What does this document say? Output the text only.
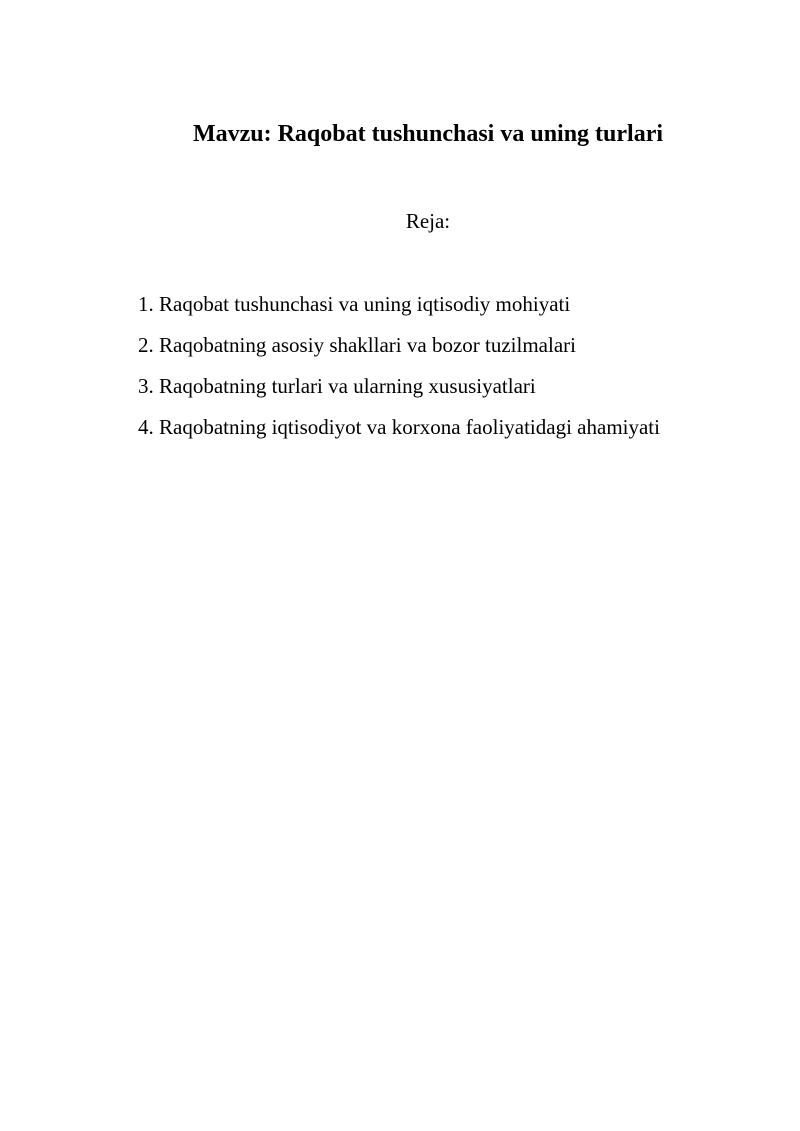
Mavzu: Raqobat tushunchasi va uning turlari

Reja:

1. Raqobat tushunchasi va uning iqtisodiy mohiyati
2. Raqobatning asosiy shakllari va bozor tuzilmalari
3. Raqobatning turlari va ularning xususiyatlari
4. Raqobatning iqtisodiyot va korxona faoliyatidagi ahamiyati
